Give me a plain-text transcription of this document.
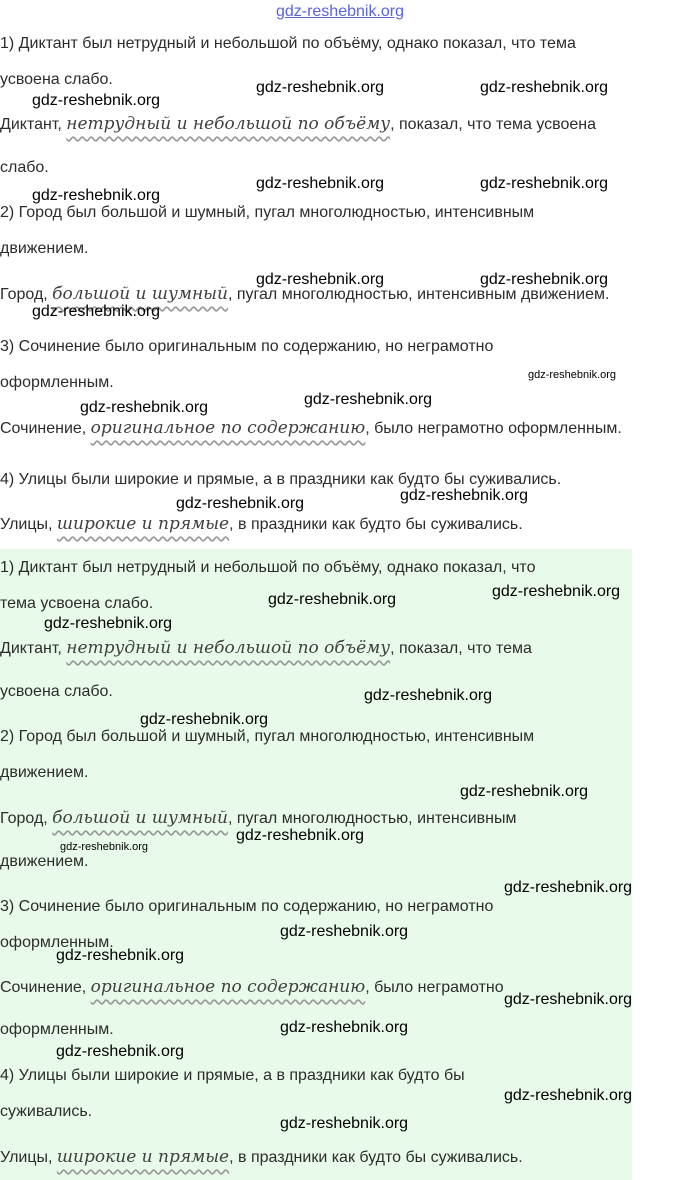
gdz-reshebnik.org
1) Диктант был нетрудный и небольшой по объёму, однако показал, что тема
усвоена слабо.
Диктант, нетрудный и небольшой по объёму, показал, что тема усвоена
слабо.
2) Город был большой и шумный, пугал многолюдностью, интенсивным
движением.
Город, большой и шумный, пугал многолюдностью, интенсивным движением.
3) Сочинение было оригинальным по содержанию, но неграмотно
оформленным.
Сочинение, оригинальное по содержанию, было неграмотно оформленным.
4) Улицы были широкие и прямые, а в праздники как будто бы суживались.
Улицы, широкие и прямые, в праздники как будто бы суживались.
1) Диктант был нетрудный и небольшой по объёму, однако показал, что
тема усвоена слабо.
Диктант, нетрудный и небольшой по объёму, показал, что тема
усвоена слабо.
2) Город был большой и шумный, пугал многолюдностью, интенсивным
движением.
Город, большой и шумный, пугал многолюдностью, интенсивным
движением.
3) Сочинение было оригинальным по содержанию, но неграмотно
оформленным.
Сочинение, оригинальное по содержанию, было неграмотно
оформленным.
4) Улицы были широкие и прямые, а в праздники как будто бы
суживались.
Улицы, широкие и прямые, в праздники как будто бы суживались.
gdz-reshebnik.org
gdz-reshebnik.org	gdz-reshebnik.org
gdz-reshebnik.org
gdz-reshebnik.org	gdz-reshebnik.org
gdz-reshebnik.org	gdz-reshebnik.org
gdz-reshebnik.org
gdz-reshebnik.org
gdz-reshebnik.org	gdz-reshebnik.org
gdz-reshebnik.org	gdz-reshebnik.org
gdz-reshebnik.org	gdz-reshebnik.org
gdz-reshebnik.org
gdz-reshebnik.org
gdz-reshebnik.org
gdz-reshebnik.org
gdz-reshebnik.org
gdz-reshebnik.org
gdz-reshebnik.org
gdz-reshebnik.org
gdz-reshebnik.org
gdz-reshebnik.org
gdz-reshebnik.org
gdz-reshebnik.org
gdz-reshebnik.org
gdz-reshebnik.org
